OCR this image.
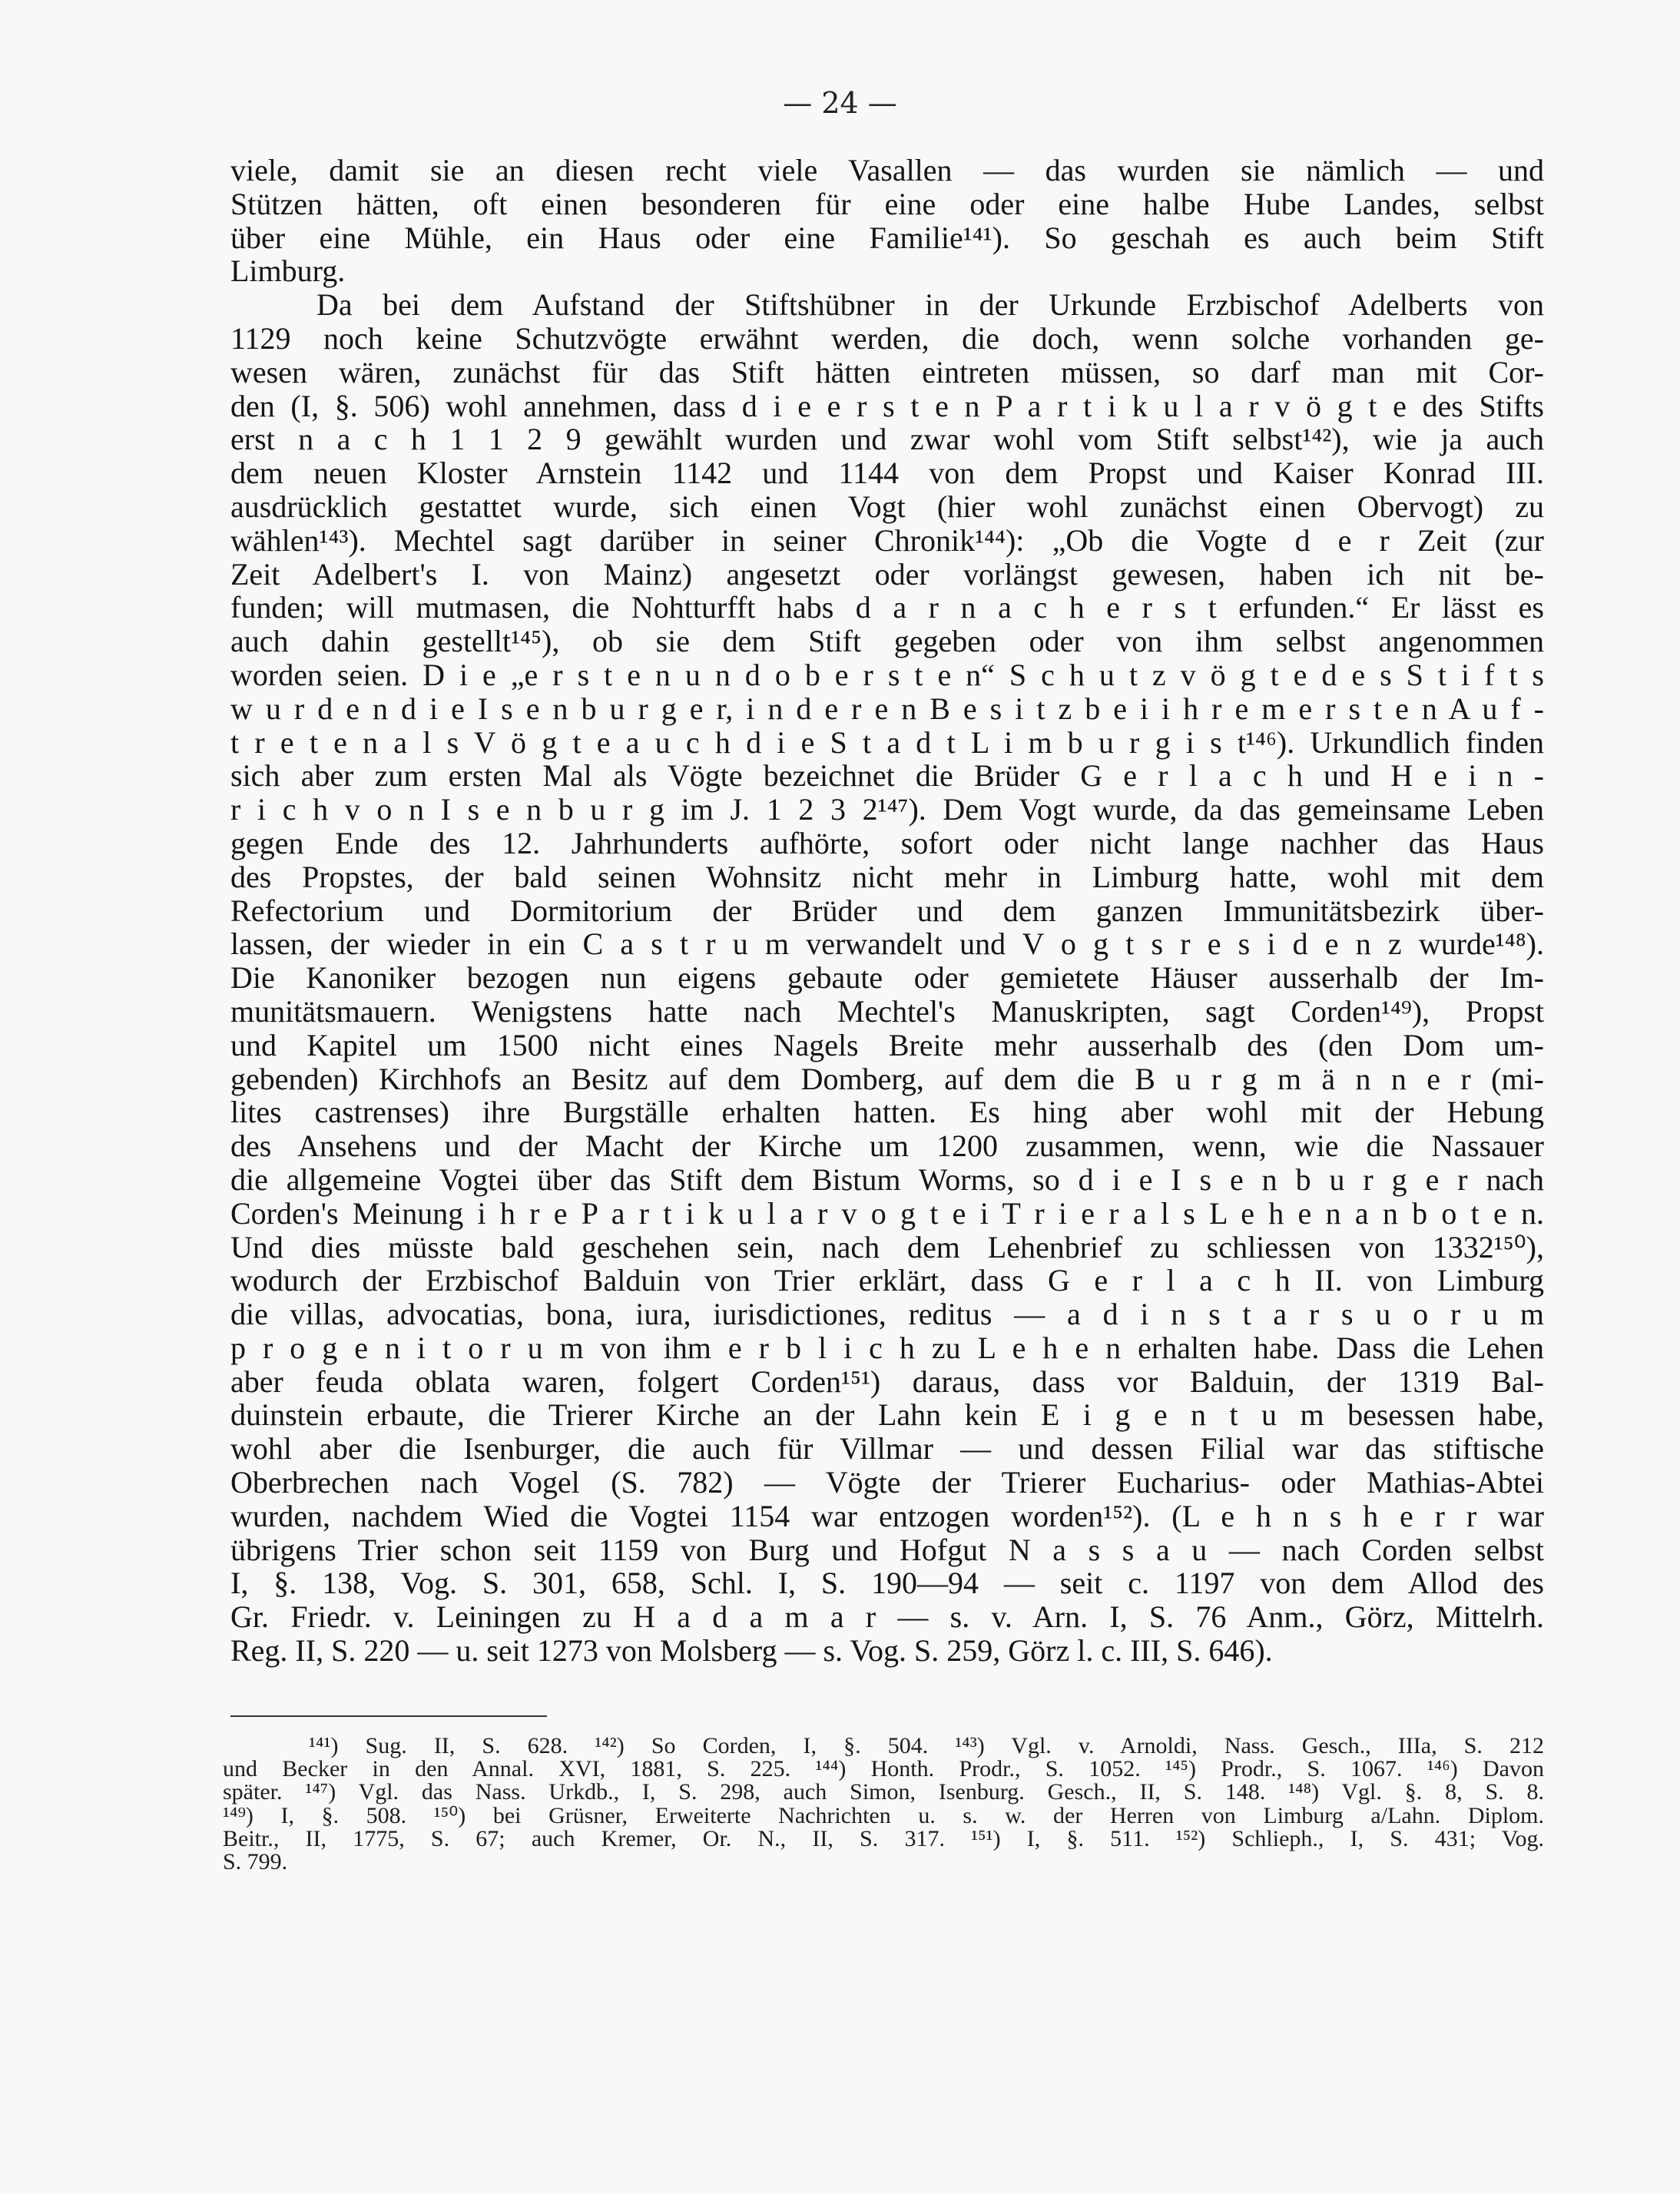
— 24 —
viele, damit sie an diesen recht viele Vasallen — das wurden sie nämlich — und
Stützen hätten, oft einen besonderen für eine oder eine halbe Hube Landes, selbst
über eine Mühle, ein Haus oder eine Familie¹⁴¹). So geschah es auch beim Stift
Limburg.
Da bei dem Aufstand der Stiftshübner in der Urkunde Erzbischof Adelberts von
1129 noch keine Schutzvögte erwähnt werden, die doch, wenn solche vorhanden ge-
wesen wären, zunächst für das Stift hätten eintreten müssen, so darf man mit Cor-
den (I, §. 506) wohl annehmen, dass d i e e r s t e n P a r t i k u l a r v ö g t e des Stifts
erst n a c h 1 1 2 9 gewählt wurden und zwar wohl vom Stift selbst¹⁴²), wie ja auch
dem neuen Kloster Arnstein 1142 und 1144 von dem Propst und Kaiser Konrad III.
ausdrücklich gestattet wurde, sich einen Vogt (hier wohl zunächst einen Obervogt) zu
wählen¹⁴³). Mechtel sagt darüber in seiner Chronik¹⁴⁴): „Ob die Vogte d e r Zeit (zur
Zeit Adelbert's I. von Mainz) angesetzt oder vorlängst gewesen, haben ich nit be-
funden; will mutmasen, die Nohtturfft habs d a r n a c h e r s t erfunden.“ Er lässt es
auch dahin gestellt¹⁴⁵), ob sie dem Stift gegeben oder von ihm selbst angenommen
worden seien. D i e „e r s t e n u n d o b e r s t e n“ S c h u t z v ö g t e d e s S t i f t s
w u r d e n d i e I s e n b u r g e r, i n d e r e n B e s i t z b e i i h r e m e r s t e n A u f -
t r e t e n a l s V ö g t e a u c h d i e S t a d t L i m b u r g i s t¹⁴⁶). Urkundlich finden
sich aber zum ersten Mal als Vögte bezeichnet die Brüder G e r l a c h und H e i n -
r i c h v o n I s e n b u r g im J. 1 2 3 2¹⁴⁷). Dem Vogt wurde, da das gemeinsame Leben
gegen Ende des 12. Jahrhunderts aufhörte, sofort oder nicht lange nachher das Haus
des Propstes, der bald seinen Wohnsitz nicht mehr in Limburg hatte, wohl mit dem
Refectorium und Dormitorium der Brüder und dem ganzen Immunitätsbezirk über-
lassen, der wieder in ein C a s t r u m verwandelt und V o g t s r e s i d e n z wurde¹⁴⁸).
Die Kanoniker bezogen nun eigens gebaute oder gemietete Häuser ausserhalb der Im-
munitätsmauern. Wenigstens hatte nach Mechtel's Manuskripten, sagt Corden¹⁴⁹), Propst
und Kapitel um 1500 nicht eines Nagels Breite mehr ausserhalb des (den Dom um-
gebenden) Kirchhofs an Besitz auf dem Domberg, auf dem die B u r g m ä n n e r (mi-
lites castrenses) ihre Burgställe erhalten hatten. Es hing aber wohl mit der Hebung
des Ansehens und der Macht der Kirche um 1200 zusammen, wenn, wie die Nassauer
die allgemeine Vogtei über das Stift dem Bistum Worms, so d i e I s e n b u r g e r nach
Corden's Meinung i h r e P a r t i k u l a r v o g t e i T r i e r a l s L e h e n a n b o t e n.
Und dies müsste bald geschehen sein, nach dem Lehenbrief zu schliessen von 1332¹⁵⁰),
wodurch der Erzbischof Balduin von Trier erklärt, dass G e r l a c h II. von Limburg
die villas, advocatias, bona, iura, iurisdictiones, reditus — a d i n s t a r s u o r u m
p r o g e n i t o r u m von ihm e r b l i c h zu L e h e n erhalten habe. Dass die Lehen
aber feuda oblata waren, folgert Corden¹⁵¹) daraus, dass vor Balduin, der 1319 Bal-
duinstein erbaute, die Trierer Kirche an der Lahn kein E i g e n t u m besessen habe,
wohl aber die Isenburger, die auch für Villmar — und dessen Filial war das stiftische
Oberbrechen nach Vogel (S. 782) — Vögte der Trierer Eucharius- oder Mathias-Abtei
wurden, nachdem Wied die Vogtei 1154 war entzogen worden¹⁵²). (L e h n s h e r r war
übrigens Trier schon seit 1159 von Burg und Hofgut N a s s a u — nach Corden selbst
I, §. 138, Vog. S. 301, 658, Schl. I, S. 190—94 — seit c. 1197 von dem Allod des
Gr. Friedr. v. Leiningen zu H a d a m a r — s. v. Arn. I, S. 76 Anm., Görz, Mittelrh.
Reg. II, S. 220 — u. seit 1273 von Molsberg — s. Vog. S. 259, Görz l. c. III, S. 646).
¹⁴¹) Sug. II, S. 628. ¹⁴²) So Corden, I, §. 504. ¹⁴³) Vgl. v. Arnoldi, Nass. Gesch., IIIa, S. 212
und Becker in den Annal. XVI, 1881, S. 225. ¹⁴⁴) Honth. Prodr., S. 1052. ¹⁴⁵) Prodr., S. 1067. ¹⁴⁶) Davon
später. ¹⁴⁷) Vgl. das Nass. Urkdb., I, S. 298, auch Simon, Isenburg. Gesch., II, S. 148. ¹⁴⁸) Vgl. §. 8, S. 8.
¹⁴⁹) I, §. 508. ¹⁵⁰) bei Grüsner, Erweiterte Nachrichten u. s. w. der Herren von Limburg a/Lahn. Diplom.
Beitr., II, 1775, S. 67; auch Kremer, Or. N., II, S. 317. ¹⁵¹) I, §. 511. ¹⁵²) Schlieph., I, S. 431; Vog.
S. 799.
